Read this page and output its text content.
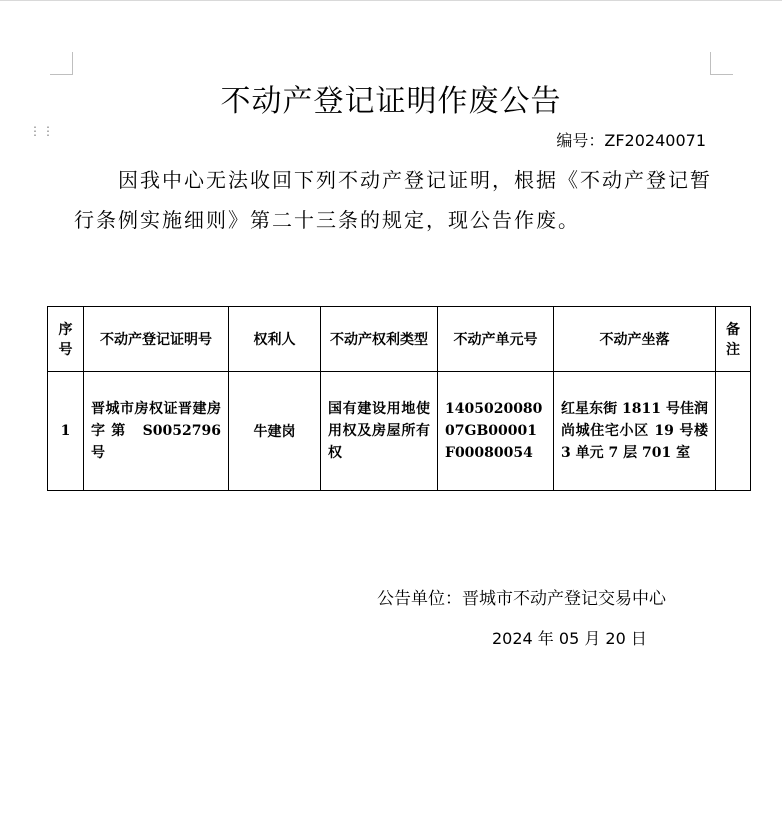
⋮⋮
不动产登记证明作废公告
编号：ZF20240071
因我中心无法收回下列不动产登记证明，根据《不动产登记暂行条例实施细则》第二十三条的规定，现公告作废。
序号	不动产登记证明号	权利人	不动产权利类型	不动产单元号	不动产坐落	备注
1	晋城市房权证晋建房字第 S0052796 号	牛建岗	国有建设用地使用权及房屋所有权	140502008007GB00001F00080054	红星东街 1811 号佳润尚城住宅小区 19 号楼 3 单元 7 层 701 室	
公告单位：晋城市不动产登记交易中心
2024 年 05 月 20 日
